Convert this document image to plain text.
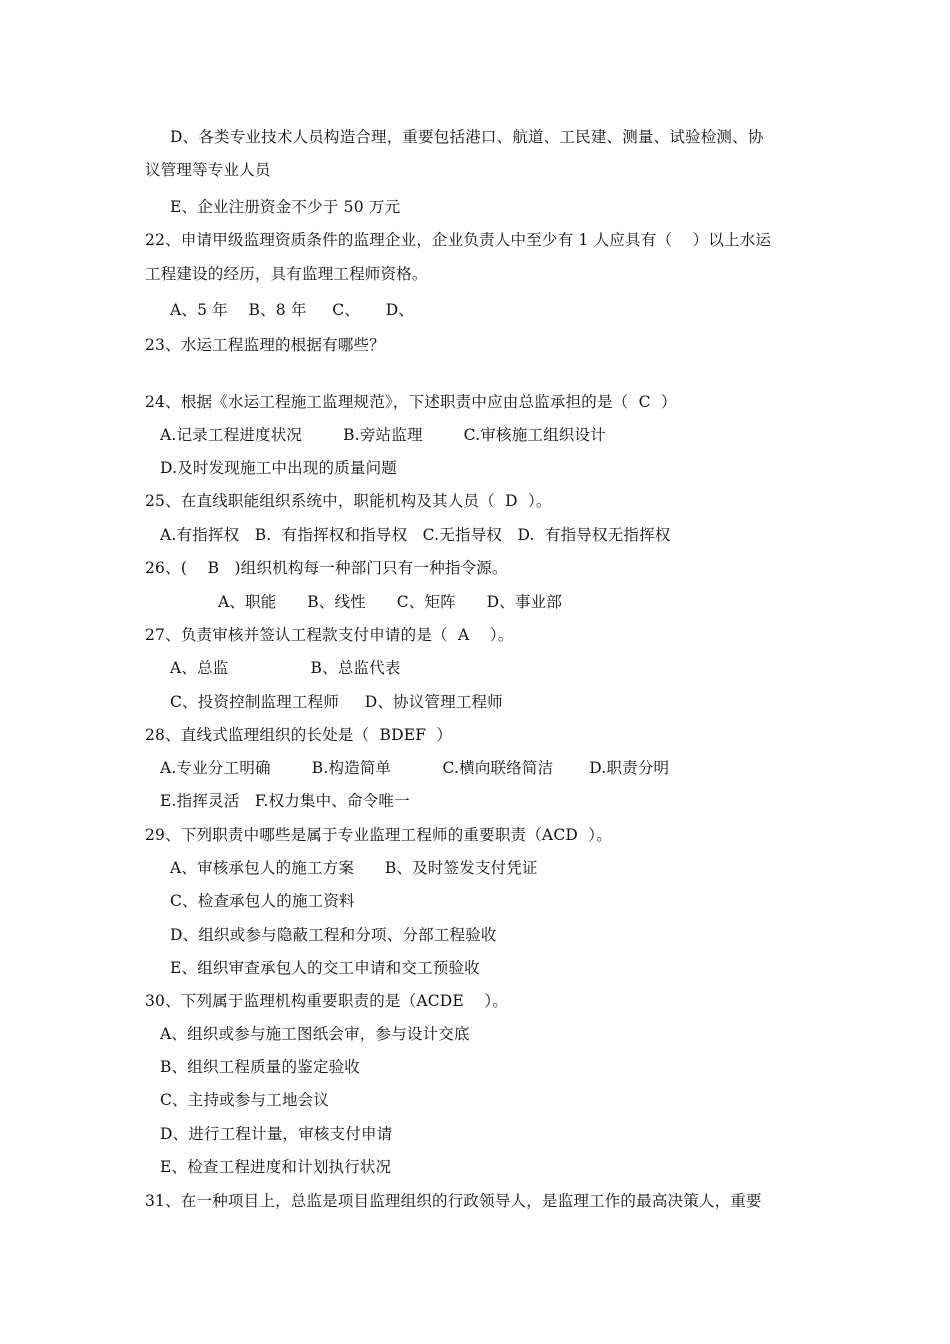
D、各类专业技术人员构造合理，重要包括港口、航道、工民建、测量、试验检测、协
议管理等专业人员
E、企业注册资金不少于 50 万元
22、申请甲级监理资质条件的监理企业，企业负责人中至少有 1 人应具有（    ）以上水运
工程建设的经历，具有监理工程师资格。
A、5 年    B、8 年     C、     D、
23、水运工程监理的根据有哪些？
24、根据《水运工程施工监理规范》，下述职责中应由总监承担的是（  C  ）
A.记录工程进度状况        B.旁站监理        C.审核施工组织设计
D.及时发现施工中出现的质量问题
25、在直线职能组织系统中，职能机构及其人员（  D  ）。
A.有指挥权   B.  有指挥权和指导权   C.无指导权   D.  有指导权无指挥权
26、(    B   )组织机构每一种部门只有一种指令源。
A、职能      B、线性      C、矩阵      D、事业部
27、负责审核并签认工程款支付申请的是（  A    ）。
A、总监                B、总监代表
C、投资控制监理工程师     D、协议管理工程师
28、直线式监理组织的长处是（  BDEF  ）
A.专业分工明确        B.构造简单          C.横向联络简洁       D.职责分明
E.指挥灵活   F.权力集中、命令唯一
29、下列职责中哪些是属于专业监理工程师的重要职责（ACD  ）。
A、审核承包人的施工方案      B、及时签发支付凭证
C、检查承包人的施工资料
D、组织或参与隐蔽工程和分项、分部工程验收
E、组织审查承包人的交工申请和交工预验收
30、下列属于监理机构重要职责的是（ACDE    ）。
A、组织或参与施工图纸会审，参与设计交底
B、组织工程质量的鉴定验收
C、主持或参与工地会议
D、进行工程计量，审核支付申请
E、检查工程进度和计划执行状况
31、在一种项目上，总监是项目监理组织的行政领导人，是监理工作的最高决策人，重要
